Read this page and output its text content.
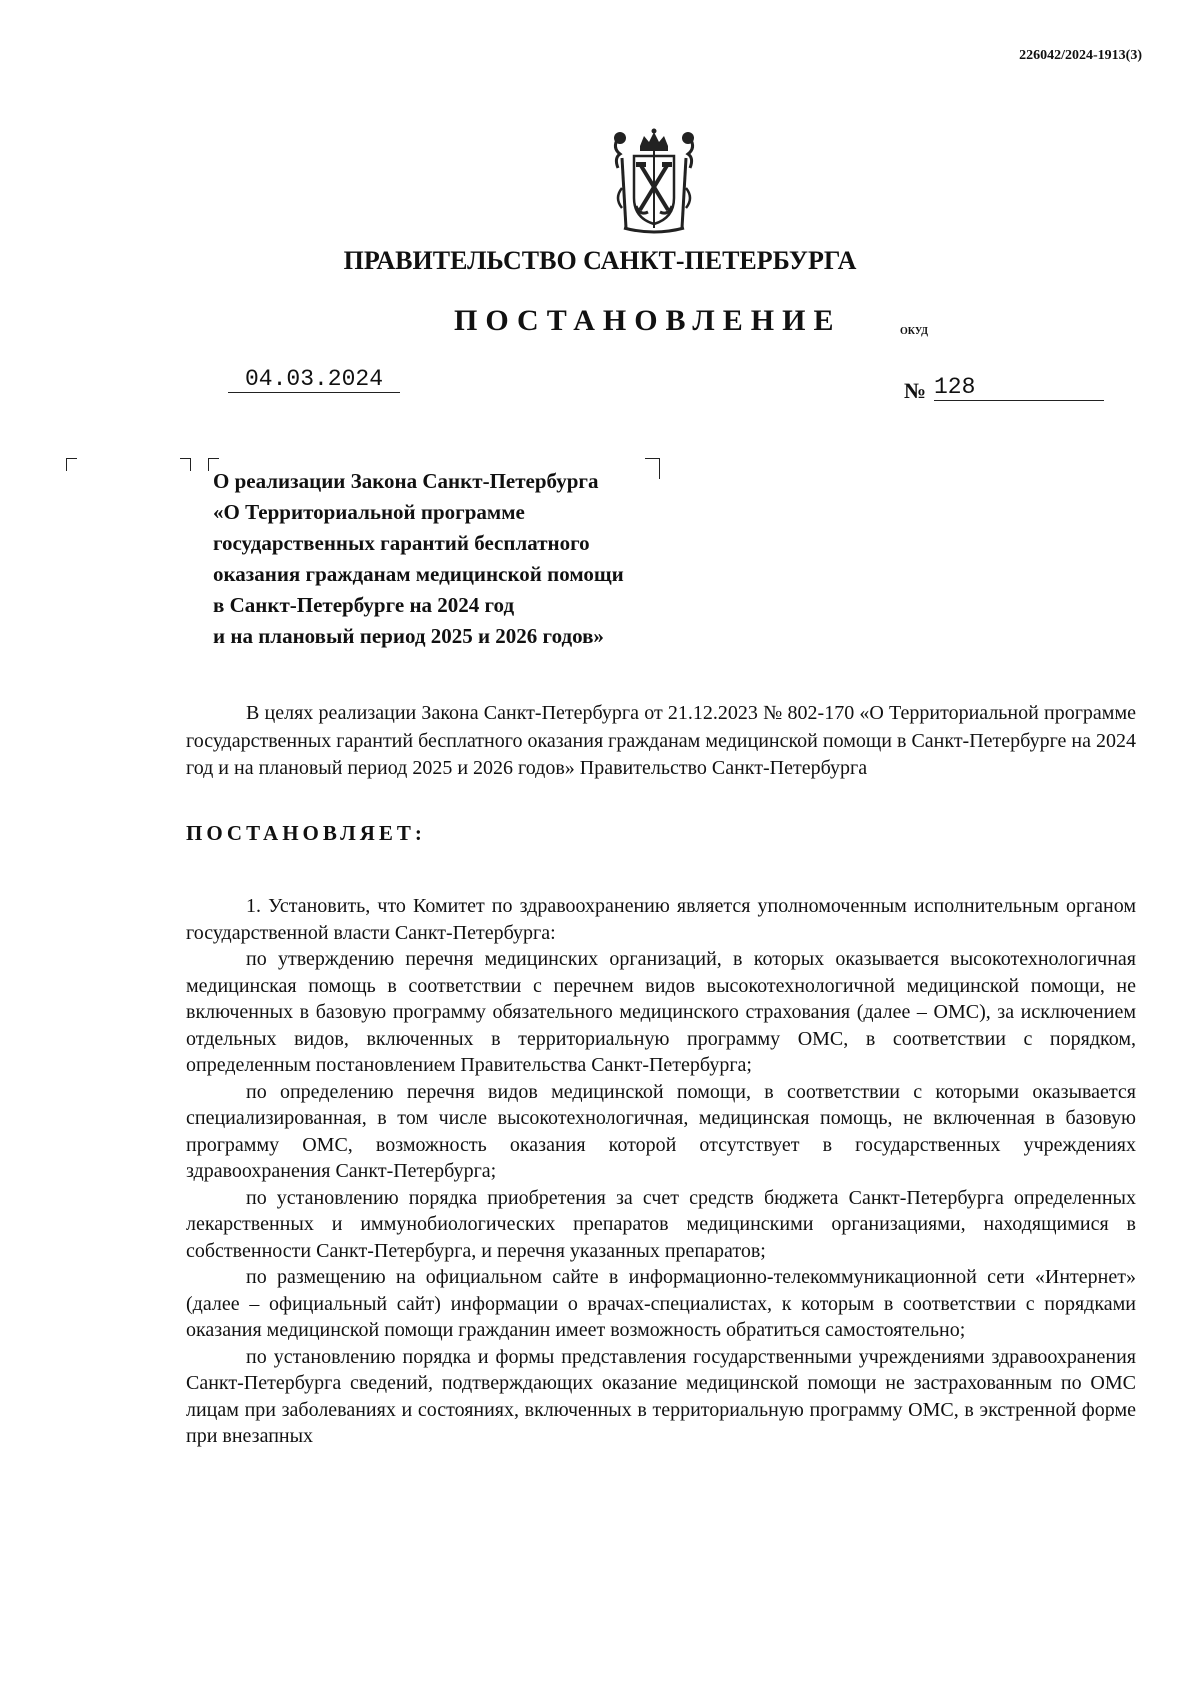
226042/2024-1913(3)
ПРАВИТЕЛЬСТВО САНКТ-ПЕТЕРБУРГА
ПОСТАНОВЛЕНИЕ	ОКУД
04.03.2024	№ 128
О реализации Закона Санкт-Петербурга
«О Территориальной программе
государственных гарантий бесплатного
оказания гражданам медицинской помощи
в Санкт-Петербурге на 2024 год
и на плановый период 2025 и 2026 годов»
В целях реализации Закона Санкт-Петербурга от 21.12.2023 № 802-170 «О Территориальной программе государственных гарантий бесплатного оказания гражданам медицинской помощи в Санкт-Петербурге на 2024 год и на плановый период 2025 и 2026 годов» Правительство Санкт-Петербурга
ПОСТАНОВЛЯЕТ:

1. Установить, что Комитет по здравоохранению является уполномоченным исполнительным органом государственной власти Санкт-Петербурга:

по утверждению перечня медицинских организаций, в которых оказывается высокотехнологичная медицинская помощь в соответствии с перечнем видов высокотехнологичной медицинской помощи, не включенных в базовую программу обязательного медицинского страхования (далее – ОМС), за исключением отдельных видов, включенных в территориальную программу ОМС, в соответствии с порядком, определенным постановлением Правительства Санкт-Петербурга;

по определению перечня видов медицинской помощи, в соответствии с которыми оказывается специализированная, в том числе высокотехнологичная, медицинская помощь, не включенная в базовую программу ОМС, возможность оказания которой отсутствует в государственных учреждениях здравоохранения Санкт-Петербурга;

по установлению порядка приобретения за счет средств бюджета Санкт-Петербурга определенных лекарственных и иммунобиологических препаратов медицинскими организациями, находящимися в собственности Санкт-Петербурга, и перечня указанных препаратов;

по размещению на официальном сайте в информационно-телекоммуникационной сети «Интернет» (далее – официальный сайт) информации о врачах-специалистах, к которым в соответствии с порядками оказания медицинской помощи гражданин имеет возможность обратиться самостоятельно;

по установлению порядка и формы представления государственными учреждениями здравоохранения Санкт-Петербурга сведений, подтверждающих оказание медицинской помощи не застрахованным по ОМС лицам при заболеваниях и состояниях, включенных в территориальную программу ОМС, в экстренной форме при внезапных
